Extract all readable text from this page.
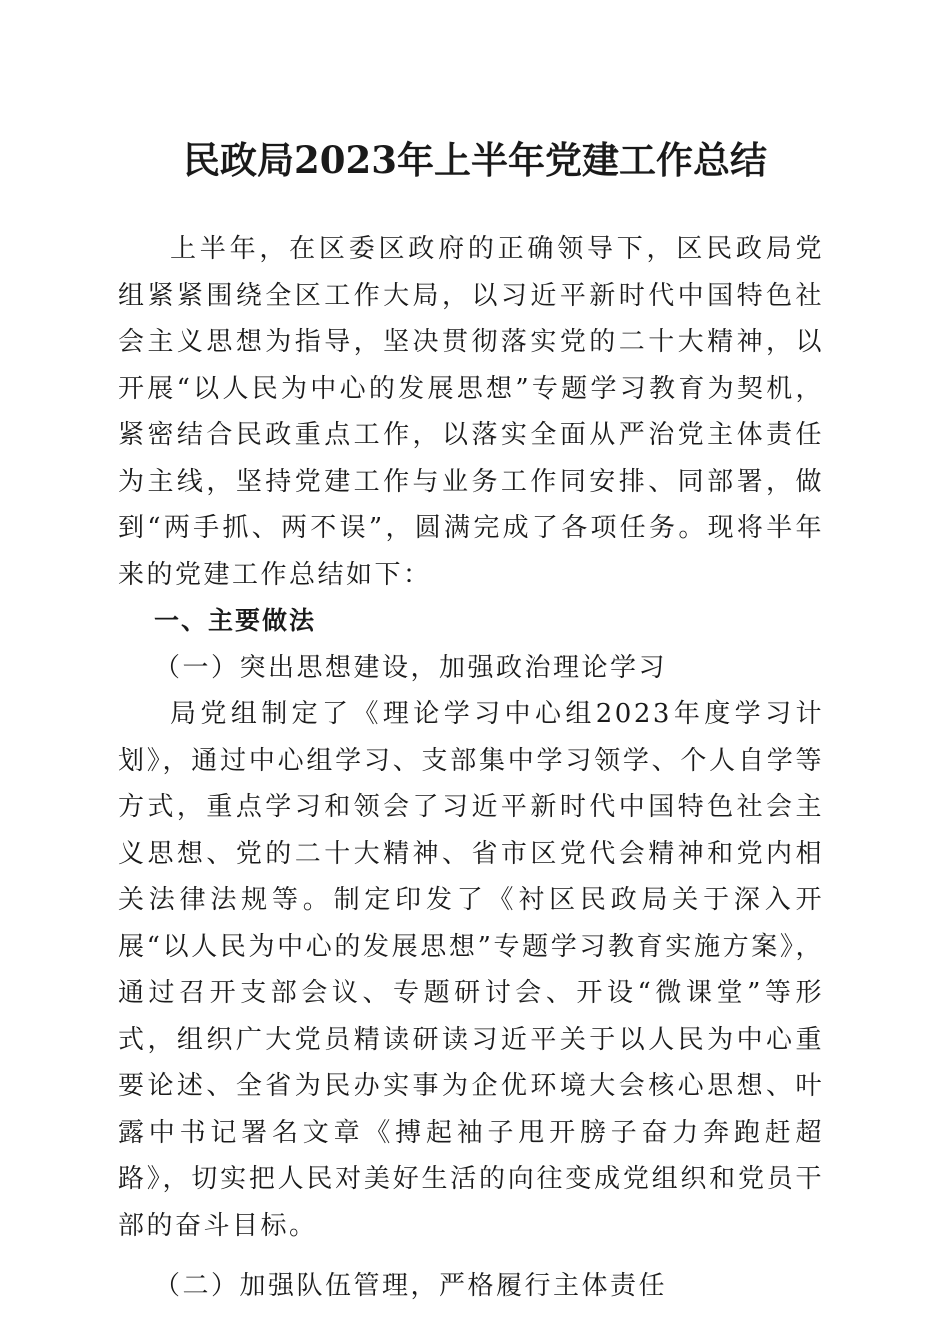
民政局2023年上半年党建工作总结

上半年，在区委区政府的正确领导下，区民政局党组紧紧围绕全区工作大局，以习近平新时代中国特色社会主义思想为指导，坚决贯彻落实党的二十大精神，以开展“以人民为中心的发展思想”专题学习教育为契机，紧密结合民政重点工作，以落实全面从严治党主体责任为主线，坚持党建工作与业务工作同安排、同部署，做到“两手抓、两不误”，圆满完成了各项任务。现将半年来的党建工作总结如下：

一、主要做法

（一）突出思想建设，加强政治理论学习

局党组制定了《理论学习中心组2023年度学习计划》，通过中心组学习、支部集中学习领学、个人自学等方式，重点学习和领会了习近平新时代中国特色社会主义思想、党的二十大精神、省市区党代会精神和党内相关法律法规等。制定印发了《衬区民政局关于深入开展“以人民为中心的发展思想”专题学习教育实施方案》，通过召开支部会议、专题研讨会、开设“微课堂”等形式，组织广大党员精读研读习近平关于以人民为中心重要论述、全省为民办实事为企优环境大会核心思想、叶露中书记署名文章《搏起袖子甩开膀子奋力奔跑赶超路》，切实把人民对美好生活的向往变成党组织和党员干部的奋斗目标。

（二）加强队伍管理，严格履行主体责任
